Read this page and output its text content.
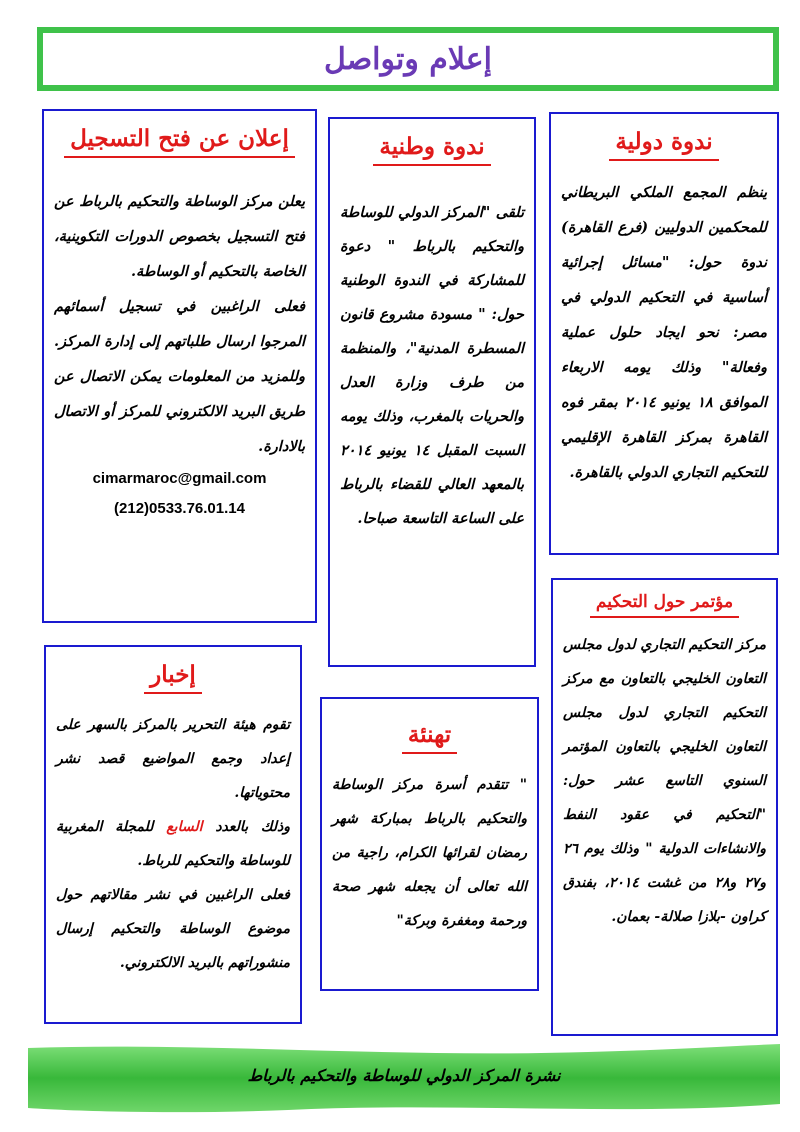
إعلام وتواصل
ندوة دولية
ينظم المجمع الملكي البريطاني للمحكمين الدوليين (فرع القاهرة) ندوة حول: "مسائل إجرائية أساسية في التحكيم الدولي في مصر: نحو ايجاد حلول عملية وفعالة" وذلك يومه الاربعاء الموافق ١٨ يونيو ٢٠١٤ بمقر فوه القاهرة بمركز القاهرة الإقليمي للتحكيم التجاري الدولي بالقاهرة.
ندوة وطنية
تلقى "المركز الدولي للوساطة والتحكيم بالرباط " دعوة للمشاركة في الندوة الوطنية حول: " مسودة مشروع قانون المسطرة المدنية"، والمنظمة من طرف وزارة العدل والحريات بالمغرب، وذلك يومه السبت المقبل ١٤ يونيو ٢٠١٤ بالمعهد العالي للقضاء بالرباط على الساعة التاسعة صباحا.
إعلان عن فتح التسجيل

يعلن مركز الوساطة والتحكيم بالرباط عن فتح التسجيل بخصوص الدورات التكوينية، الخاصة بالتحكيم أو الوساطة.

فعلى الراغبين في تسجيل أسمائهم المرجوا ارسال طلباتهم إلى إدارة المركز. وللمزيد من المعلومات يمكن الاتصال عن طريق البريد الالكتروني للمركز أو الاتصال بالادارة.

cimarmaroc@gmail.com
(212)0533.76.01.14
مؤتمر حول التحكيم
مركز التحكيم التجاري لدول مجلس التعاون الخليجي بالتعاون مع مركز التحكيم التجاري لدول مجلس التعاون الخليجي بالتعاون المؤتمر السنوي التاسع عشر حول: "التحكيم في عقود النفط والانشاءات الدولية " وذلك يوم ٢٦ و٢٧ و٢٨ من غشت ٢٠١٤، بفندق كراون -بلازا صلالة- بعمان.
إخبار

تقوم هيئة التحرير بالمركز بالسهر على إعداد وجمع المواضيع قصد نشر محتوياتها.

وذلك بالعدد السابع للمجلة المغربية للوساطة والتحكيم للرباط.

فعلى الراغبين في نشر مقالاتهم حول موضوع الوساطة والتحكيم إرسال منشوراتهم بالبريد الالكتروني.

تهنئة
" تتقدم أسرة مركز الوساطة والتحكيم بالرباط بمباركة شهر رمضان لقرائها الكرام، راجية من الله تعالى أن يجعله شهر صحة ورحمة ومغفرة وبركة"
نشرة المركز الدولي للوساطة والتحكيم بالرباط
